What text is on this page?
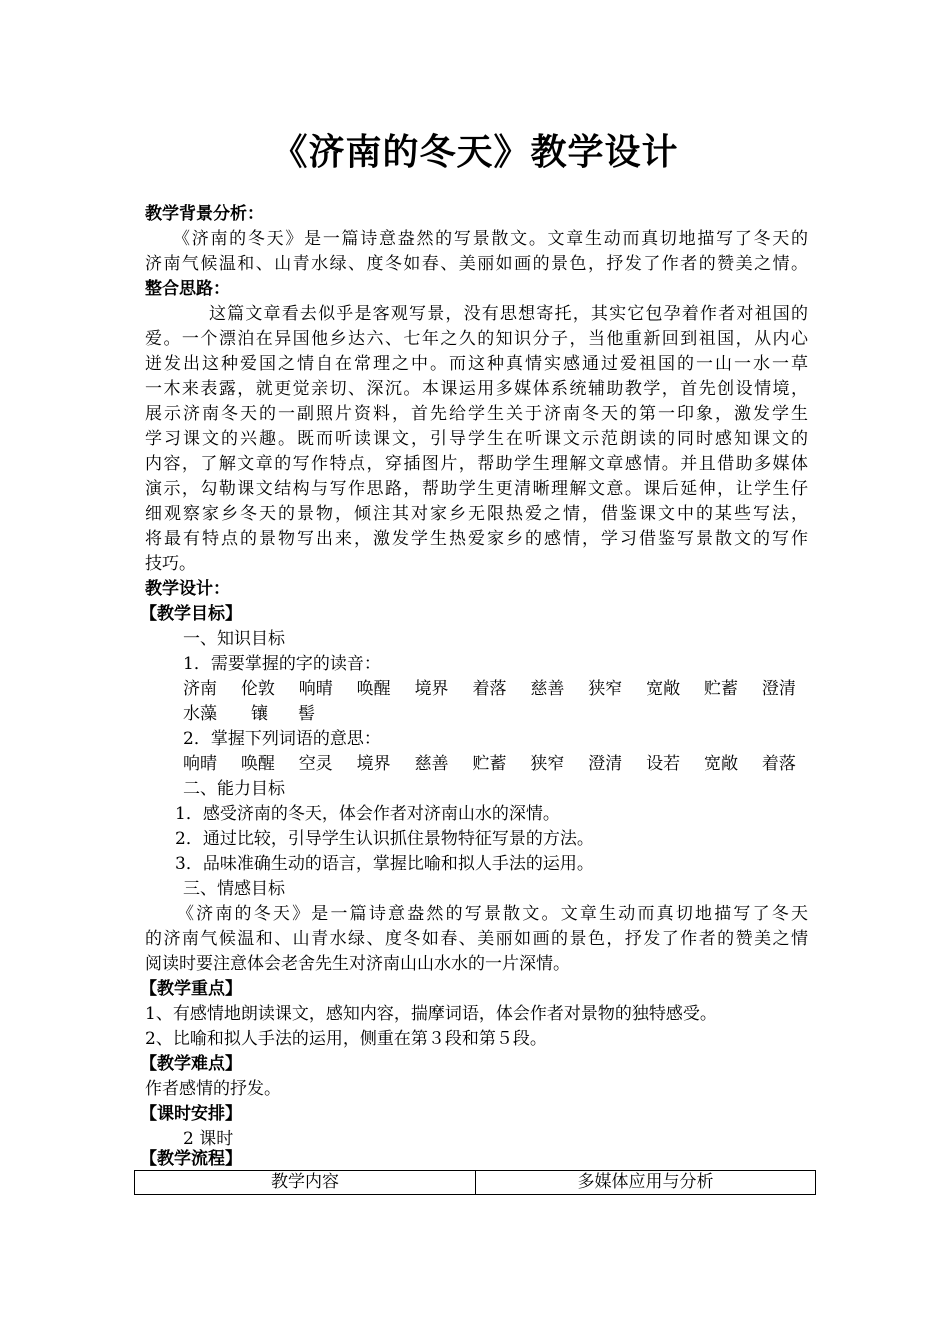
《济南的冬天》教学设计
教学背景分析：
《济南的冬天》是一篇诗意盎然的写景散文。文章生动而真切地描写了冬天的
济南气候温和、山青水绿、度冬如春、美丽如画的景色，抒发了作者的赞美之情。
整合思路：
这篇文章看去似乎是客观写景，没有思想寄托，其实它包孕着作者对祖国的
爱。一个漂泊在异国他乡达六、七年之久的知识分子，当他重新回到祖国，从内心
迸发出这种爱国之情自在常理之中。而这种真情实感通过爱祖国的一山一水一草
一木来表露，就更觉亲切、深沉。本课运用多媒体系统辅助教学，首先创设情境，
展示济南冬天的一副照片资料，首先给学生关于济南冬天的第一印象，激发学生
学习课文的兴趣。既而听读课文，引导学生在听课文示范朗读的同时感知课文的
内容，了解文章的写作特点，穿插图片，帮助学生理解文章感情。并且借助多媒体
演示，勾勒课文结构与写作思路，帮助学生更清晰理解文意。课后延伸，让学生仔
细观察家乡冬天的景物，倾注其对家乡无限热爱之情，借鉴课文中的某些写法，
将最有特点的景物写出来，激发学生热爱家乡的感情，学习借鉴写景散文的写作
技巧。
教学设计：
【教学目标】
一、知识目标
1．需要掌握的字的读音：
济南 伦敦 响晴 唤醒 境界 着落 慈善 狭窄 宽敞 贮蓄 澄清
水藻 镶 髻
2．掌握下列词语的意思：
响晴 唤醒 空灵 境界 慈善 贮蓄 狭窄 澄清 设若 宽敞 着落
二、能力目标
1．感受济南的冬天，体会作者对济南山水的深情。
2．通过比较，引导学生认识抓住景物特征写景的方法。
3．品味准确生动的语言，掌握比喻和拟人手法的运用。
三、情感目标
《济南的冬天》是一篇诗意盎然的写景散文。文章生动而真切地描写了冬天
的济南气候温和、山青水绿、度冬如春、美丽如画的景色，抒发了作者的赞美之情
阅读时要注意体会老舍先生对济南山山水水的一片深情。
【教学重点】
1、有感情地朗读课文，感知内容，揣摩词语，体会作者对景物的独特感受。
2、比喻和拟人手法的运用，侧重在第３段和第５段。
【教学难点】
作者感情的抒发。
【课时安排】
2 课时
【教学流程】
教学内容	多媒体应用与分析
